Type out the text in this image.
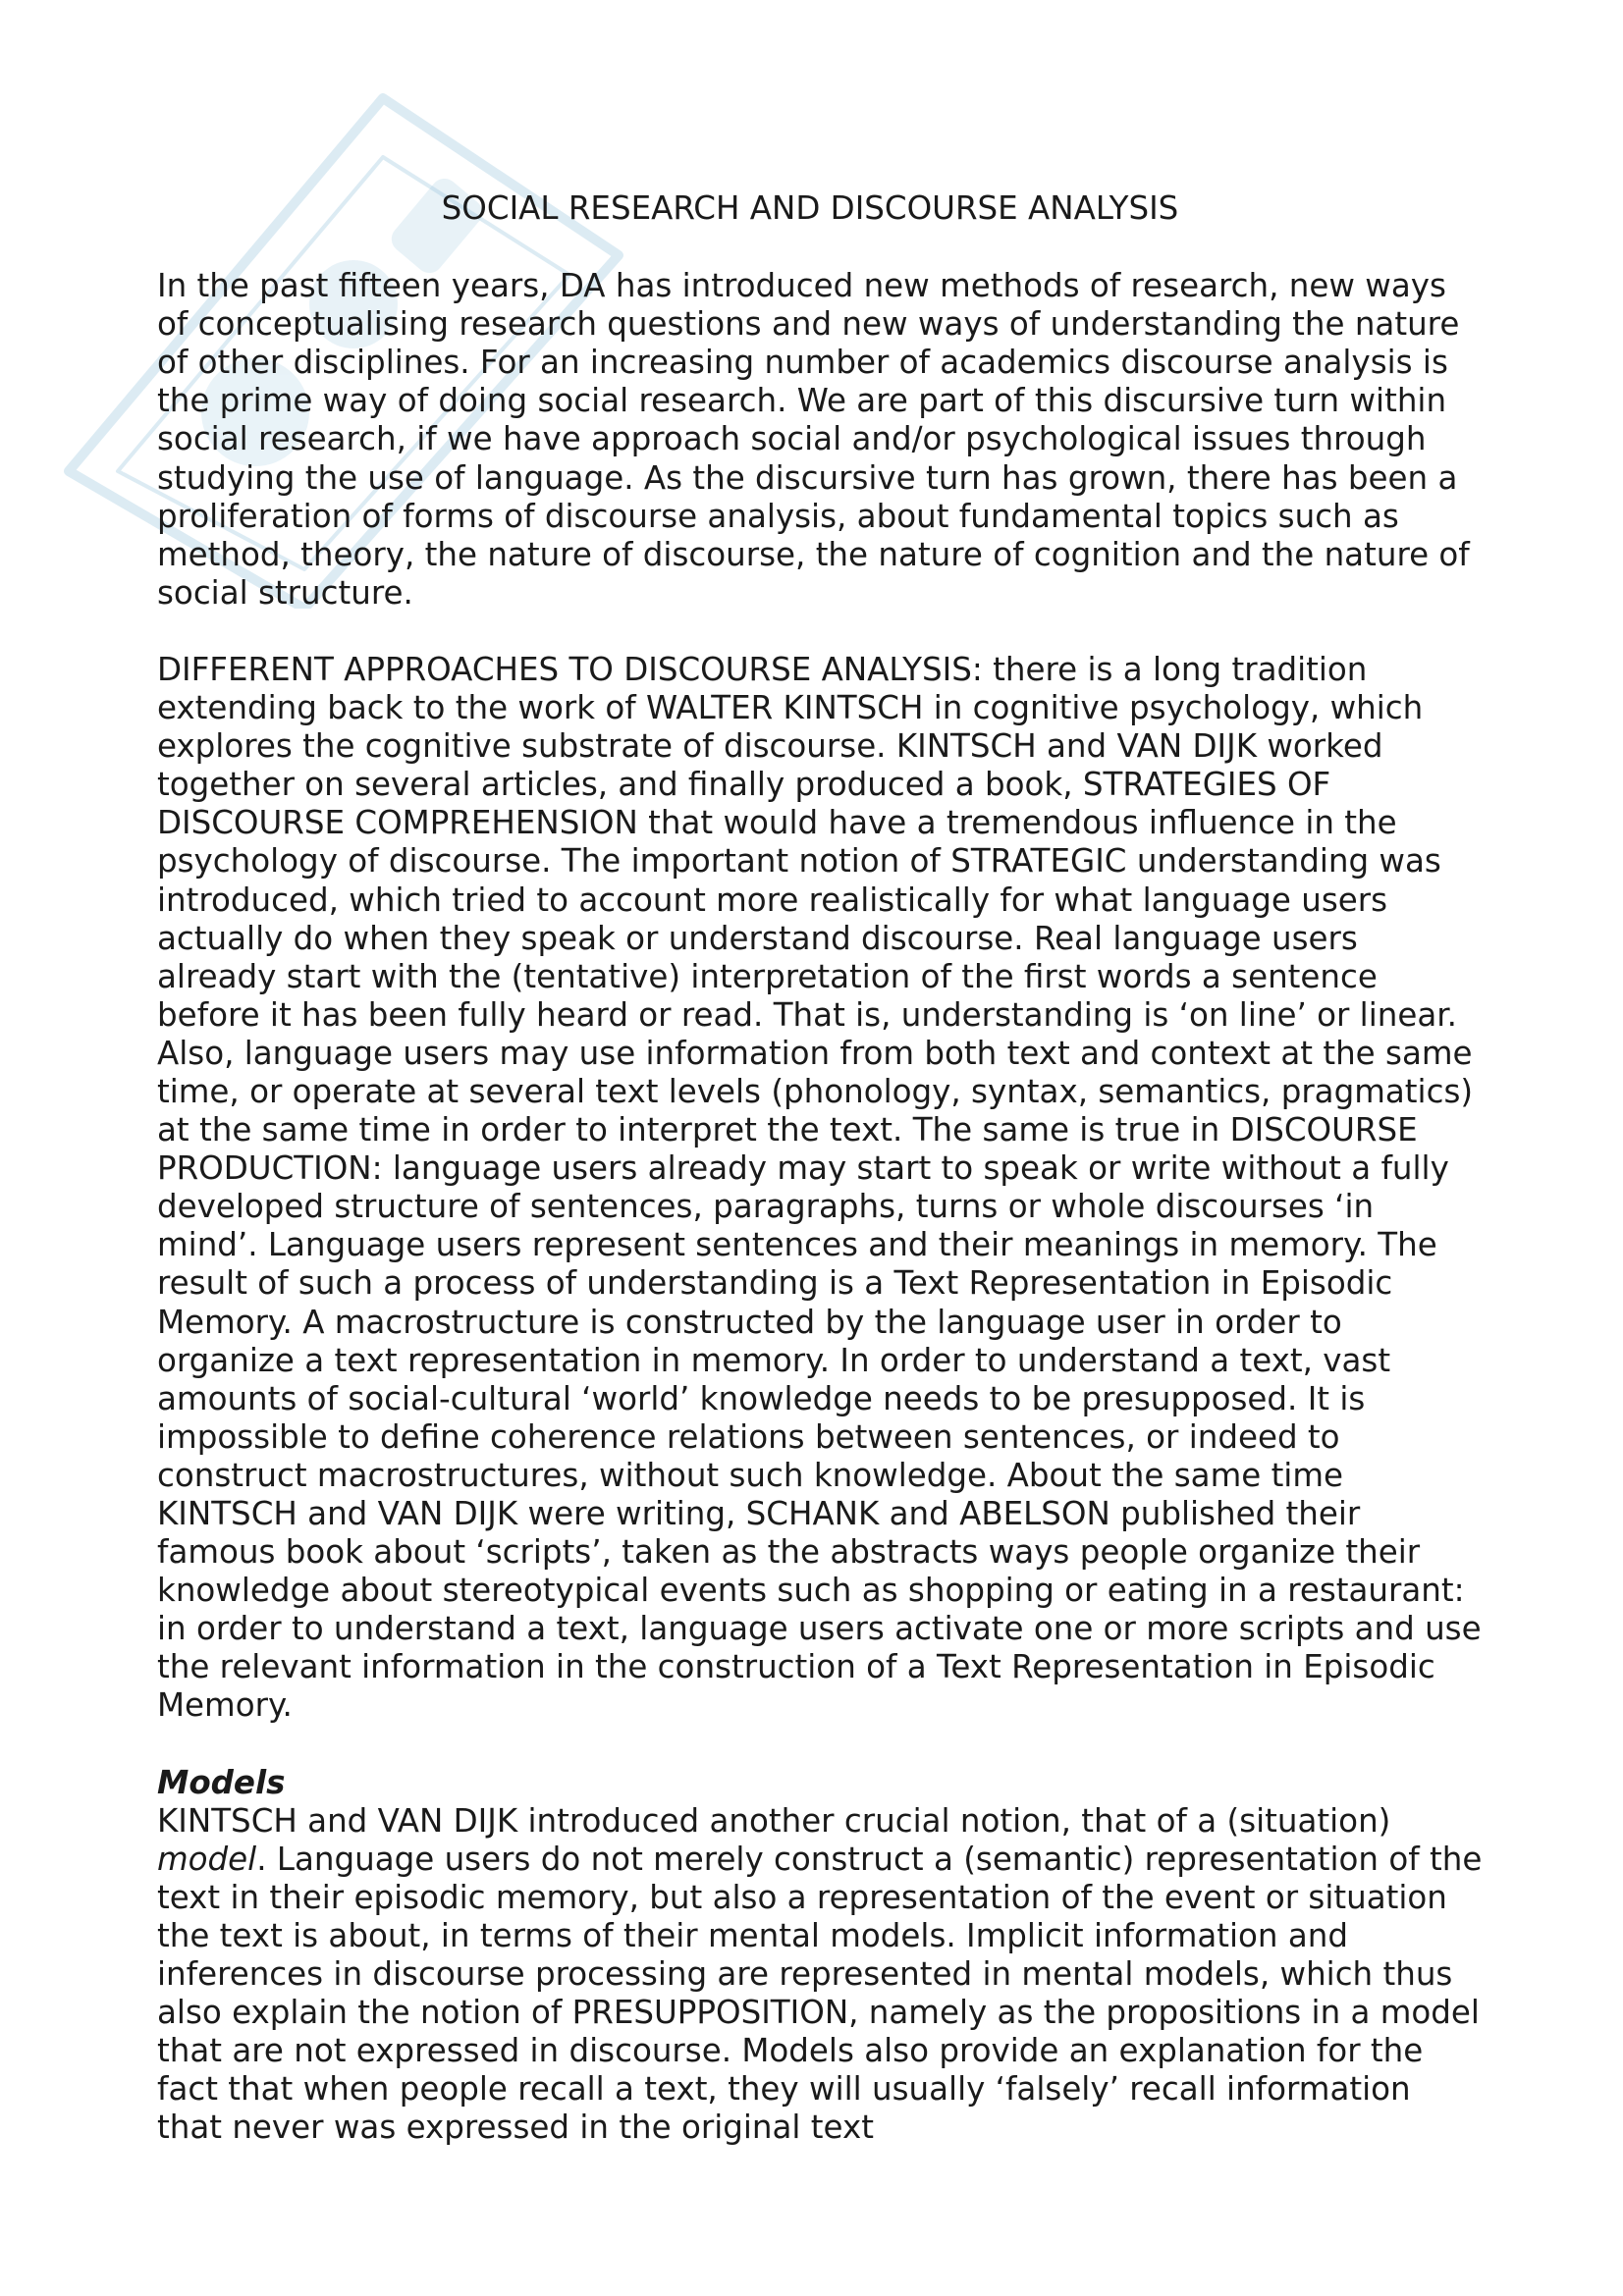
SOCIAL RESEARCH AND DISCOURSE ANALYSIS

In the past fifteen years, DA has introduced new methods of research, new ways of conceptualising research questions and new ways of understanding the nature of other disciplines. For an increasing number of academics discourse analysis is the prime way of doing social research. We are part of this discursive turn within social research, if we have approach social and/or psychological issues through studying the use of language. As the discursive turn has grown, there has been a proliferation of forms of discourse analysis, about fundamental topics such as method, theory, the nature of discourse, the nature of cognition and the nature of social structure.

DIFFERENT APPROACHES TO DISCOURSE ANALYSIS: there is a long tradition extending back to the work of WALTER KINTSCH in cognitive psychology, which explores the cognitive substrate of discourse. KINTSCH and VAN DIJK worked together on several articles, and finally produced a book, STRATEGIES OF DISCOURSE COMPREHENSION that would have a tremendous influence in the psychology of discourse. The important notion of STRATEGIC understanding was introduced, which tried to account more realistically for what language users actually do when they speak or understand discourse. Real language users already start with the (tentative) interpretation of the first words a sentence before it has been fully heard or read. That is, understanding is ‘on line’ or linear. Also, language users may use information from both text and context at the same time, or operate at several text levels (phonology, syntax, semantics, pragmatics) at the same time in order to interpret the text. The same is true in DISCOURSE PRODUCTION: language users already may start to speak or write without a fully developed structure of sentences, paragraphs, turns or whole discourses ‘in mind’. Language users represent sentences and their meanings in memory. The result of such a process of understanding is a Text Representation in Episodic Memory. A macrostructure is constructed by the language user in order to organize a text representation in memory. In order to understand a text, vast amounts of social-cultural ‘world’ knowledge needs to be presupposed. It is impossible to define coherence relations between sentences, or indeed to construct macrostructures, without such knowledge. About the same time KINTSCH and VAN DIJK were writing, SCHANK and ABELSON published their famous book about ‘scripts’, taken as the abstracts ways people organize their knowledge about stereotypical events such as shopping or eating in a restaurant: in order to understand a text, language users activate one or more scripts and use the relevant information in the construction of a Text Representation in Episodic Memory.

Models

KINTSCH and VAN DIJK introduced another crucial notion, that of a (situation) model. Language users do not merely construct a (semantic) representation of the text in their episodic memory, but also a representation of the event or situation the text is about, in terms of their mental models. Implicit information and inferences in discourse processing are represented in mental models, which thus also explain the notion of PRESUPPOSITION, namely as the propositions in a model that are not expressed in discourse. Models also provide an explanation for the fact that when people recall a text, they will usually ‘falsely’ recall information that never was expressed in the original text
